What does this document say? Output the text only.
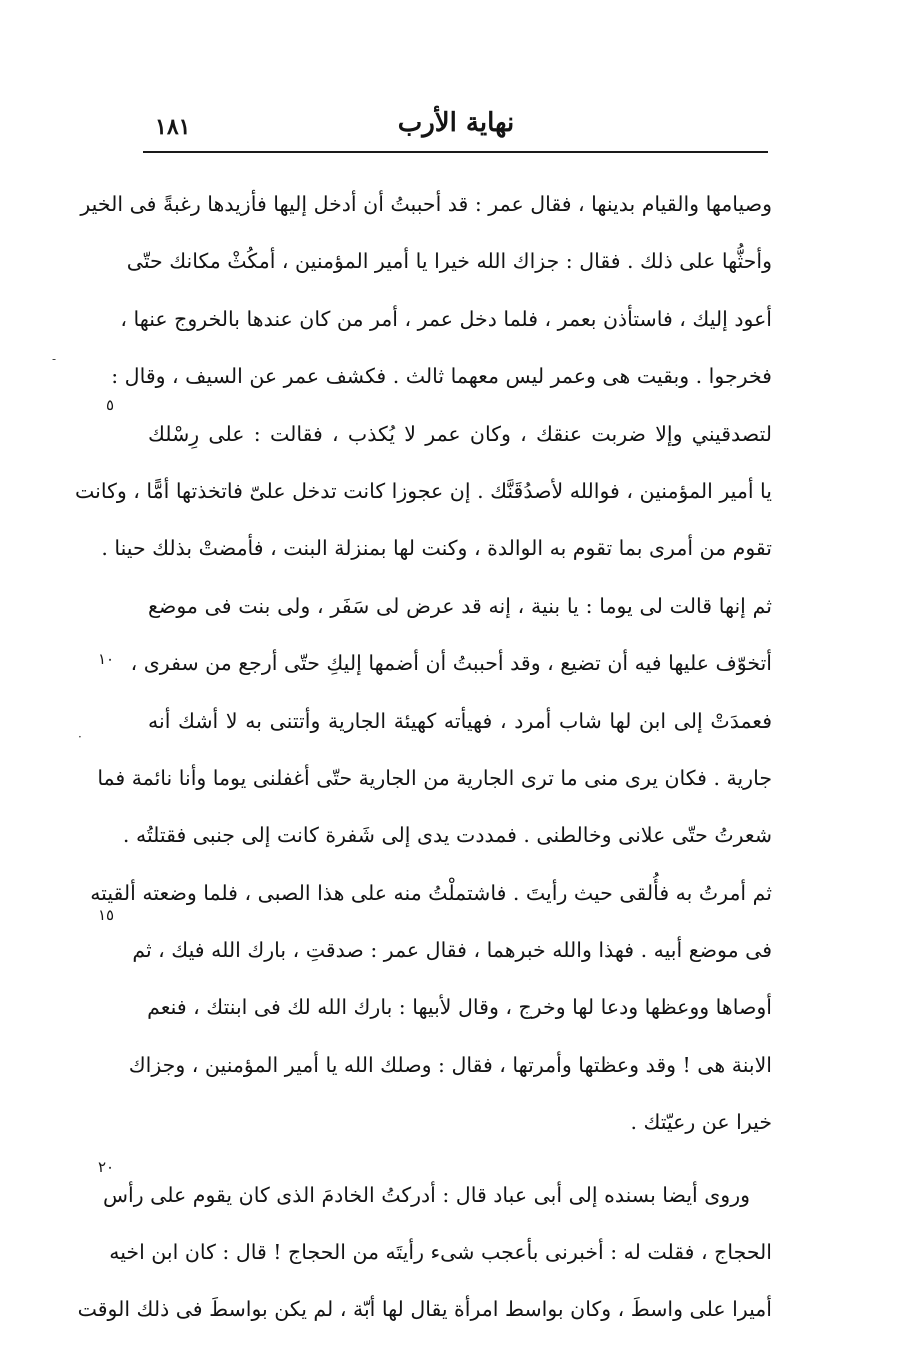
١٨١	نهاية الأرب
وصيامها والقيام بدينها ، فقال عمر : قد أحببتُ أن أدخل إليها فأزيدها رغبةً فى الخير
وأحثُّها على ذلك . فقال : جزاك الله خيرا يا أمير المؤمنين ، أمكُثْ مكانك حتّى
أعود إليك ، فاستأذن بعمر ، فلما دخل عمر ، أمر من كان عندها بالخروج عنها ،
فخرجوا . وبقيت هى وعمر ليس معهما ثالث . فكشف عمر عن السيف ، وقال :
لتصدقيني وإلا ضربت عنقك ، وكان عمر لا يُكذب ، فقالت : على رِسْلك
يا أمير المؤمنين ، فوالله لأصدُقَنَّك . إن عجوزا كانت تدخل علىّ فاتخذتها أمًّا ، وكانت
تقوم من أمرى بما تقوم به الوالدة ، وكنت لها بمنزلة البنت ، فأمضتْ بذلك حينا .
ثم إنها قالت لى يوما : يا بنية ، إنه قد عرض لى سَفَر ، ولى بنت فى موضع
أتخوّف عليها فيه أن تضيع ، وقد أحببتُ أن أضمها إليكِ حتّى أرجع من سفرى ،
فعمدَتْ إلى ابن لها شاب أمرد ، فهيأته كهيئة الجارية وأتتنى به لا أشك أنه
جارية . فكان يرى منى ما ترى الجارية من الجارية حتّى أغفلنى يوما وأنا نائمة فما
شعرتُ حتّى علانى وخالطنى . فمددت يدى إلى شَفرة كانت إلى جنبى فقتلتُه .
ثم أمرتُ به فأُلقى حيث رأيتَ . فاشتملْتُ منه على هذا الصبى ، فلما وضعته ألقيته
فى موضع أبيه . فهذا والله خبرهما ، فقال عمر : صدقتِ ، بارك الله فيك ، ثم
أوصاها ووعظها ودعا لها وخرج ، وقال لأبيها : بارك الله لك فى ابنتك ، فنعم
الابنة هى ! وقد وعظتها وأمرتها ، فقال : وصلك الله يا أمير المؤمنين ، وجزاك
خيرا عن رعيّتك .
وروى أيضا بسنده إلى أبى عباد قال : أدركتُ الخادمَ الذى كان يقوم على رأس
الحجاج ، فقلت له : أخبرنى بأعجب شىء رأيتَه من الحجاج ! قال : كان ابن اخيه
أميرا على واسطَ ، وكان بواسط امرأة يقال لها أبّة ، لم يكن بواسطَ فى ذلك الوقت
٥
١٠
١٥
٢٠
-
·
